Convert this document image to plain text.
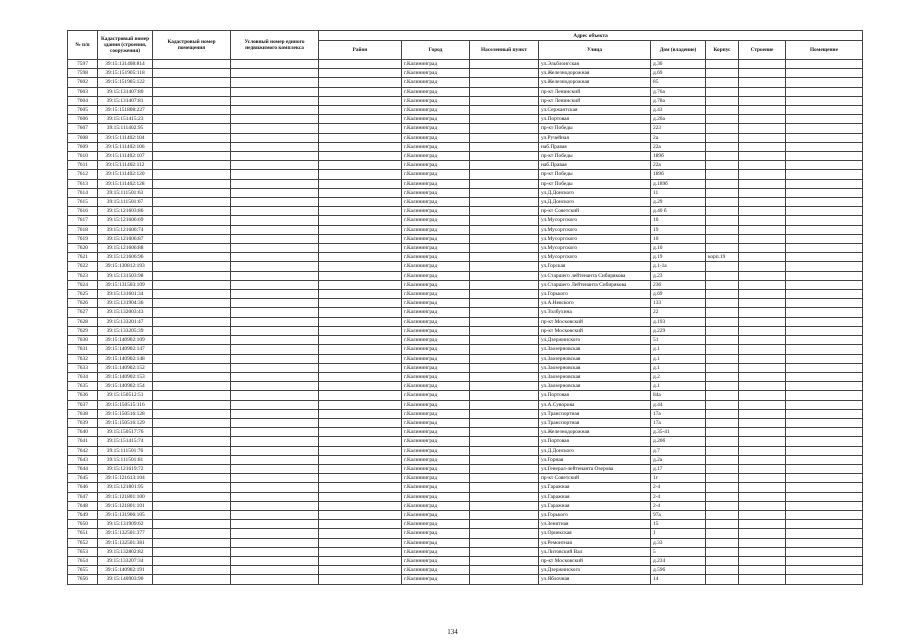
№ п/п	Кадастровый номер здания (строения, сооружения)	Кадастровый номер помещения	Условный номер единого недвижимого комплекса	Адрес объекта							
				Район	Город	Населенный пункт	Улица	Дом (владение)	Корпус	Строение	Помещение
7597	39:15:131408:814				г.Калининград		ул.Эльблонгская	д.30			
7598	39:15:151905:118				г.Калининград		ул.Железнодорожная	д.69			
7602	39:15:151905:122				г.Калининград		ул.Железнодорожная	85			
7603	39:15:131407:80				г.Калининград		пр-кт Ленинский	д.76а			
7604	39:15:131407:81				г.Калининград		пр-кт Ленинский	д.78а			
7605	39:15:151808:227				г.Калининград		ул.Сержантская	д.43			
7606	39:15:151415:23				г.Калининград		ул.Портовая	д.20а			
7607	39:15:111402:95				г.Калининград		пр-кт Победы	223			
7608	39:15:111402:104				г.Калининград		ул.Ручейная	2а			
7609	39:15:111402:106				г.Калининград		наб.Правая	22а			
7610	39:15:111402:107				г.Калининград		пр-кт Победы	189б			
7611	39:15:111402:112				г.Калининград		наб.Правая	22а			
7612	39:15:111402:120				г.Калининград		пр-кт Победы	189б			
7613	39:15:111402:128				г.Калининград		пр-кт Победы	д.189б			
7614	39:15:111501:63				г.Калининград		ул.Д.Донского	11			
7615	39:15:111501:67				г.Калининград		ул.Д.Донского	д.29			
7616	39:15:121603:86				г.Калининград		пр-кт Советский	д.40 б			
7617	39:15:121606:69				г.Калининград		ул.Мусоргского	10			
7618	39:15:121606:74				г.Калининград		ул.Мусоргского	19			
7619	39:15:121606:87				г.Калининград		ул.Мусоргского	10			
7620	39:15:121606:88				г.Калининград		ул.Мусоргского	д.10			
7621	39:15:121606:96				г.Калининград		ул.Мусоргского	д.19	корп.19		
7622	39:15:130812:193				г.Калининград		ул.Горская	д.1-1а			
7623	39:15:131503:98				г.Калининград		ул.Старшего лейтенанта Сибирякова	д.23			
7624	39:15:131503:109				г.Калининград		ул.Старшего Лейтенанта Сибирякова	23б			
7625	39:15:131601:34				г.Калининград		ул.Горького	д.69			
7626	39:15:131904:36				г.Калининград		ул.А.Невского	133			
7627	39:15:132003:43				г.Калининград		ул.Толбухина	22			
7628	39:15:133201:47				г.Калининград		пр-кт Московский	д.193			
7629	39:15:133205:39				г.Калининград		пр-кт Московский	д.229			
7630	39:15:140902:109				г.Калининград		ул.Дзержинского	51			
7631	39:15:140902:147				г.Калининград		ул.Заозерновская	д.1			
7632	39:15:140902:148				г.Калининград		ул.Заозерновская	д.1			
7633	39:15:140902:152				г.Калининград		ул.Заозерновская	д.1			
7634	39:15:140902:153				г.Калининград		ул.Заозерновская	д.2			
7635	39:15:140902:154				г.Калининград		ул.Заозерновская	д.1			
7636	39:15:150512:51				г.Калининград		ул.Портовая	84а			
7637	39:15:150515:116				г.Калининград		ул.А.Суворова	д.44			
7638	39:15:150516:128				г.Калининград		ул.Транспортная	17а			
7639	39:15:150516:129				г.Калининград		ул.Транспортная	17а			
7640	39:15:150517:76				г.Калининград		ул.Железнодорожная	д.35-41			
7641	39:15:151415:74				г.Калининград		ул.Портовая	д.20б			
7642	39:15:111501:76				г.Калининград		ул.Д.Донского	д.7			
7643	39:15:111501:81				г.Калининград		ул.Горная	д.2а			
7644	39:15:121619:72				г.Калининград		ул.Генерал-лейтенанта Озерова	д.17			
7645	39:15:121613:104				г.Калининград		пр-кт Советский	1г			
7646	39:15:121801:95				г.Калининград		ул.Гаражная	2-4			
7647	39:15:121801:100				г.Калининград		ул.Гаражная	2-4			
7648	39:15:121801:101				г.Калининград		ул.Гаражная	2-4			
7649	39:15:131906:105				г.Калининград		ул.Горького	97а			
7650	39:15:131909:62				г.Калининград		ул.Зенитная	15			
7651	39:15:132501:377				г.Калининград		ул.Ориекская	1			
7652	39:15:132501:381				г.Калининград		ул.Ремонтная	д.33			
7653	39:15:132802:82				г.Калининград		ул.Литовский Вал	5			
7654	39:15:133207:34				г.Калининград		пр-кт Московский	д.234			
7655	39:15:140902:191				г.Калининград		ул.Дзержинского	д.59б			
7656	39:15:140903:90				г.Калининград		ул.Яблочная	14			
134
